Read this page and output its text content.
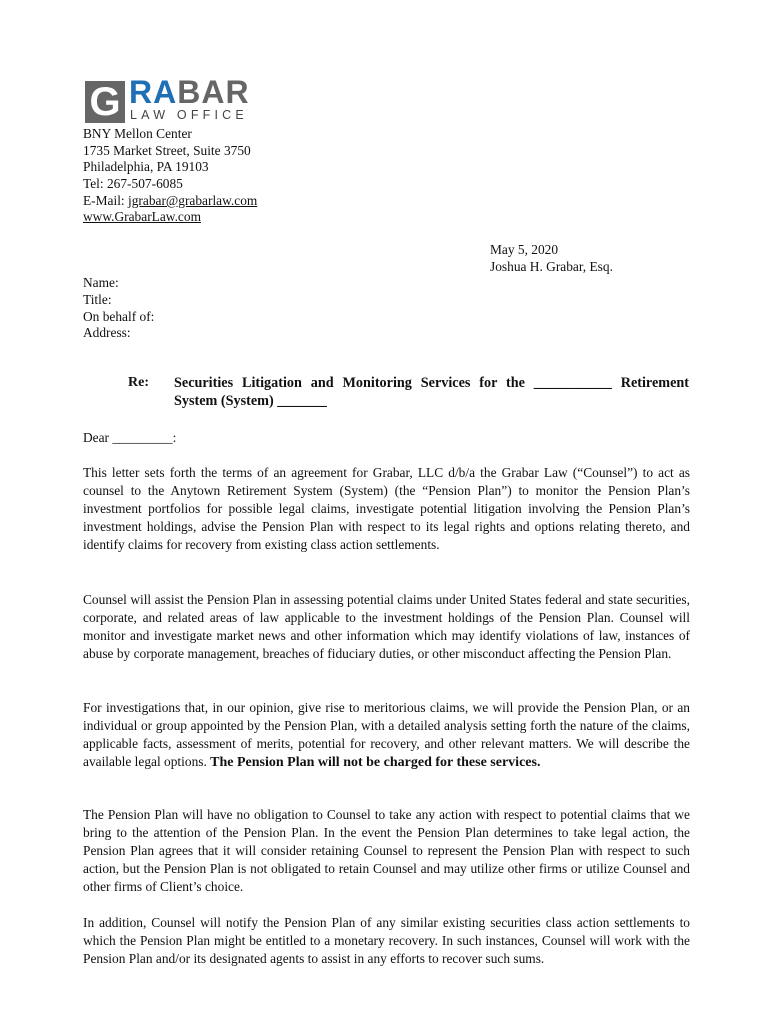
G RABAR
LAW OFFICE
BNY Mellon Center
1735 Market Street, Suite 3750
Philadelphia, PA 19103
Tel: 267-507-6085
E-Mail: jgrabar@grabarlaw.com
www.GrabarLaw.com
May 5, 2020
Joshua H. Grabar, Esq.
Name:
Title:
On behalf of:
Address:
Re: Securities Litigation and Monitoring Services for the ___________ Retirement System (System) _______
Dear _________:
This letter sets forth the terms of an agreement for Grabar, LLC d/b/a the Grabar Law (“Counsel”) to act as counsel to the Anytown Retirement System (System) (the “Pension Plan”) to monitor the Pension Plan’s investment portfolios for possible legal claims, investigate potential litigation involving the Pension Plan’s investment holdings, advise the Pension Plan with respect to its legal rights and options relating thereto, and identify claims for recovery from existing class action settlements.
Counsel will assist the Pension Plan in assessing potential claims under United States federal and state securities, corporate, and related areas of law applicable to the investment holdings of the Pension Plan. Counsel will monitor and investigate market news and other information which may identify violations of law, instances of abuse by corporate management, breaches of fiduciary duties, or other misconduct affecting the Pension Plan.
For investigations that, in our opinion, give rise to meritorious claims, we will provide the Pension Plan, or an individual or group appointed by the Pension Plan, with a detailed analysis setting forth the nature of the claims, applicable facts, assessment of merits, potential for recovery, and other relevant matters. We will describe the available legal options. The Pension Plan will not be charged for these services.
The Pension Plan will have no obligation to Counsel to take any action with respect to potential claims that we bring to the attention of the Pension Plan. In the event the Pension Plan determines to take legal action, the Pension Plan agrees that it will consider retaining Counsel to represent the Pension Plan with respect to such action, but the Pension Plan is not obligated to retain Counsel and may utilize other firms or utilize Counsel and other firms of Client’s choice.
In addition, Counsel will notify the Pension Plan of any similar existing securities class action settlements to which the Pension Plan might be entitled to a monetary recovery. In such instances, Counsel will work with the Pension Plan and/or its designated agents to assist in any efforts to recover such sums.
